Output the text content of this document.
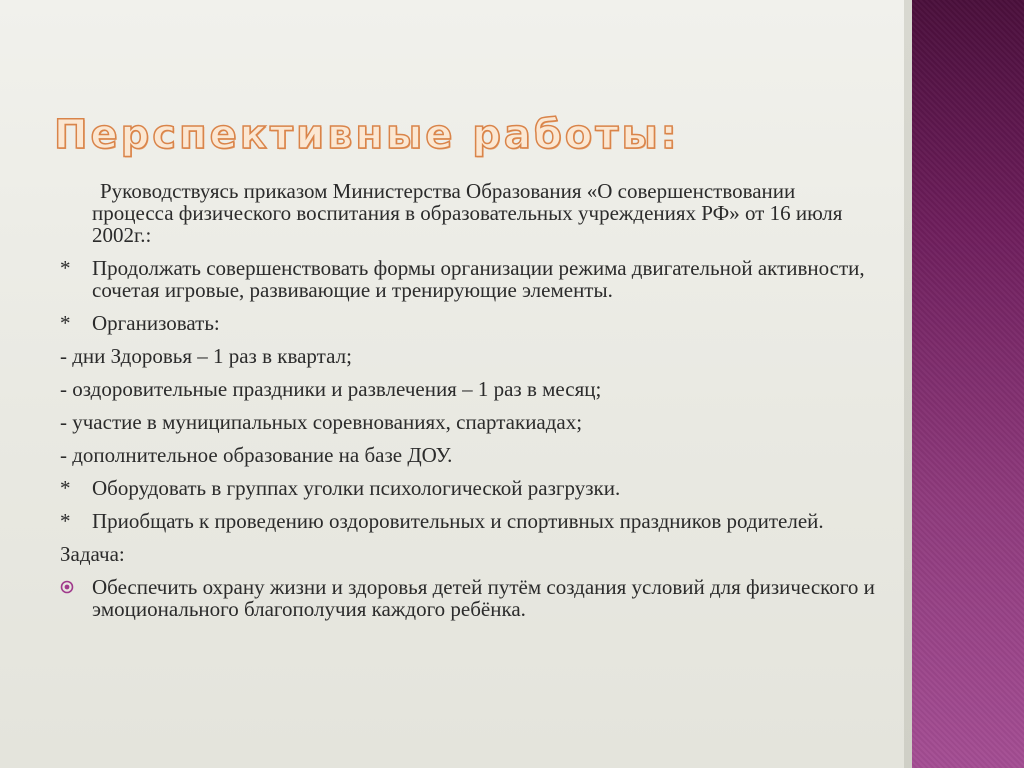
Перспективные работы:

Руководствуясь приказом Министерства Образования «О совершенствовании процесса физического воспитания в образовательных учреждениях РФ» от 16 июля 2002г.:

*	Продолжать совершенствовать формы организации режима двигательной активности, сочетая игровые, развивающие и тренирующие элементы.
*	Организовать:

- дни Здоровья – 1 раз в квартал;

- оздоровительные праздники и развлечения – 1 раз в месяц;

- участие в муниципальных соревнованиях, спартакиадах;

- дополнительное образование на базе ДОУ.

*	Оборудовать в группах уголки психологической разгрузки.
*	Приобщать к проведению оздоровительных и спортивных праздников родителей.

Задача:

Обеспечить охрану жизни и здоровья детей путём создания условий для физического и эмоционального благополучия каждого ребёнка.
